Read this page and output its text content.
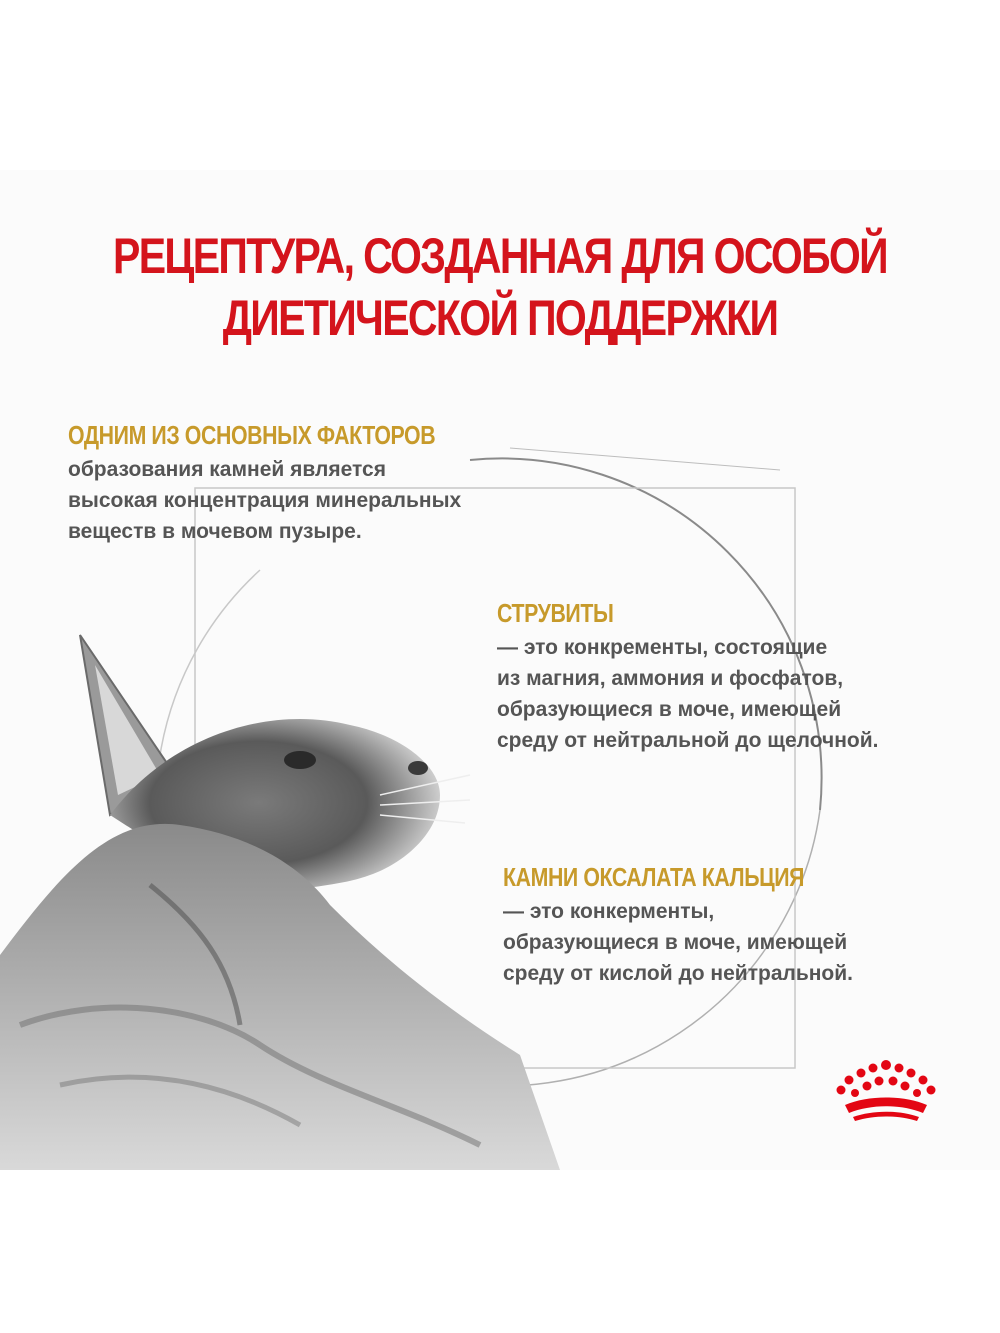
РЕЦЕПТУРА, СОЗДАННАЯ ДЛЯ ОСОБОЙ
ДИЕТИЧЕСКОЙ ПОДДЕРЖКИ
ОДНИМ ИЗ ОСНОВНЫХ ФАКТОРОВ
образования камней является
высокая концентрация минеральных
веществ в мочевом пузыре.
СТРУВИТЫ
— это конкременты, состоящие
из магния, аммония и фосфатов,
образующиеся в моче, имеющей
среду от нейтральной до щелочной.
КАМНИ ОКСАЛАТА КАЛЬЦИЯ
— это конкерменты,
образующиеся в моче, имеющей
среду от кислой до нейтральной.
